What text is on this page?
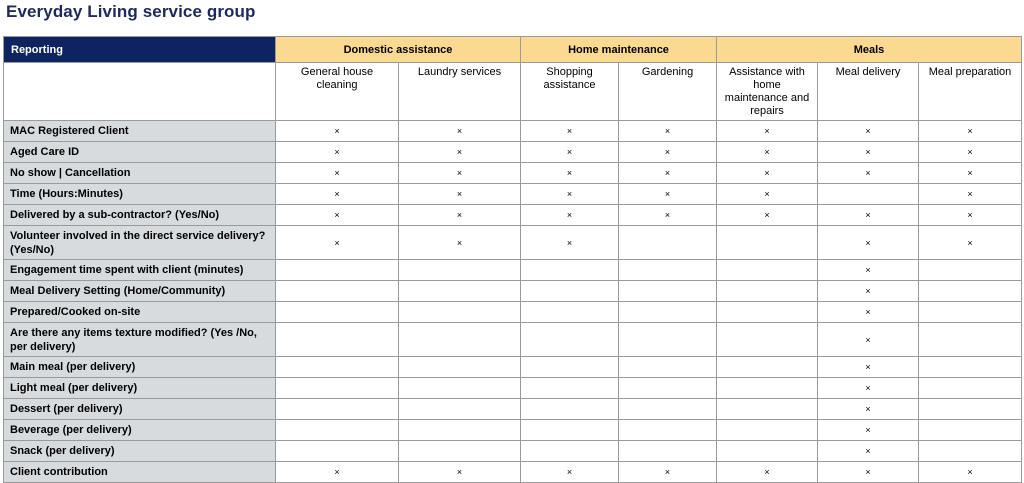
Everyday Living service group
Reporting	Domestic assistance		Home maintenance		Meals		
	General house cleaning	Laundry services	Shopping assistance	Gardening	Assistance with home maintenance and repairs	Meal delivery	Meal preparation
MAC Registered Client	×	×	×	×	×	×	×
Aged Care ID	×	×	×	×	×	×	×
No show | Cancellation	×	×	×	×	×	×	×
Time (Hours:Minutes)	×	×	×	×	×		×
Delivered by a sub-contractor? (Yes/No)	×	×	×	×	×	×	×
Volunteer involved in the direct service delivery? (Yes/No)	×	×	×			×	×
Engagement time spent with client (minutes)						×	
Meal Delivery Setting (Home/Community)						×	
Prepared/Cooked on-site						×	
Are there any items texture modified? (Yes /No, per delivery)						×	
Main meal (per delivery)						×	
Light meal (per delivery)						×	
Dessert (per delivery)						×	
Beverage (per delivery)						×	
Snack (per delivery)						×	
Client contribution	×	×	×	×	×	×	×
